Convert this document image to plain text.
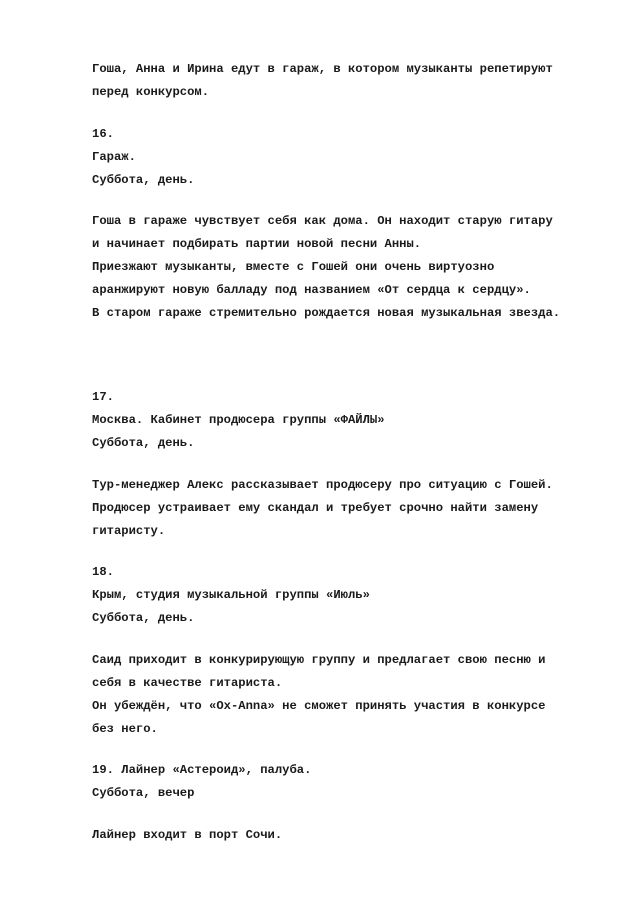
Гоша, Анна и Ирина едут в гараж, в котором музыканты репетируют
перед конкурсом.
16.
Гараж.
Суббота, день.
Гоша в гараже чувствует себя как дома. Он находит старую гитару
и начинает подбирать партии новой песни Анны.
Приезжают музыканты, вместе с Гошей они очень виртуозно
аранжируют новую балладу под названием «От сердца к сердцу».
В старом гараже стремительно рождается новая музыкальная звезда.
17.
Москва. Кабинет продюсера группы «ФАЙЛЫ»
Суббота, день.
Тур-менеджер Алекс рассказывает продюсеру про ситуацию с Гошей.
Продюсер устраивает ему скандал и требует срочно найти замену
гитаристу.
18.
Крым, студия музыкальной группы «Июль»
Суббота, день.
Саид приходит в конкурирующую группу и предлагает свою песню и
себя в качестве гитариста.
Он убеждён, что «Ох-Anna» не сможет принять участия в конкурсе
без него.
19. Лайнер «Астероид», палуба.
Суббота, вечер
Лайнер входит в порт Сочи.
